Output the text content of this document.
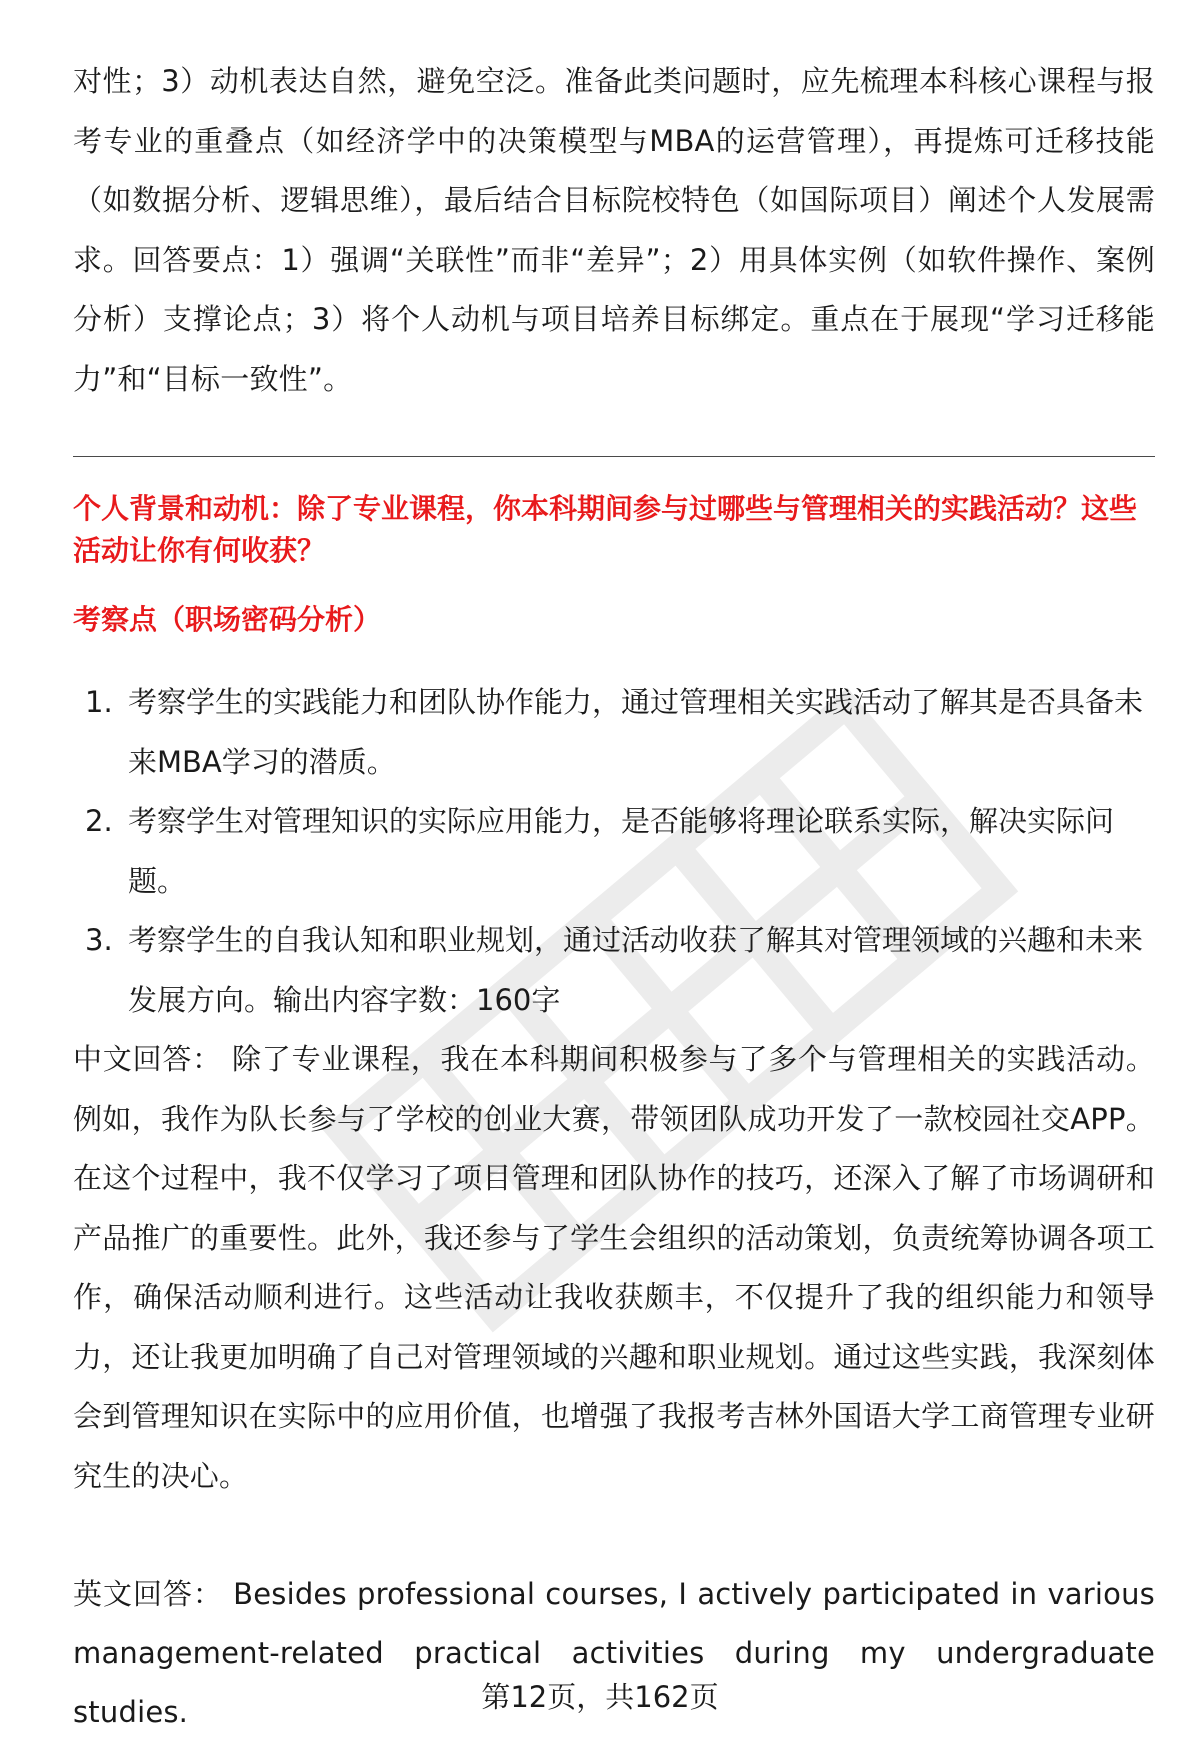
对性；3）动机表达自然，避免空泛。准备此类问题时，应先梳理本科核心课程与报考专业的重叠点（如经济学中的决策模型与MBA的运营管理），再提炼可迁移技能（如数据分析、逻辑思维），最后结合目标院校特色（如国际项目）阐述个人发展需求。回答要点：1）强调“关联性”而非“差异”；2）用具体实例（如软件操作、案例分析）支撑论点；3）将个人动机与项目培养目标绑定。重点在于展现“学习迁移能力”和“目标一致性”。

个人背景和动机：除了专业课程，你本科期间参与过哪些与管理相关的实践活动？这些活动让你有何收获？

考察点（职场密码分析）

1. 考察学生的实践能力和团队协作能力，通过管理相关实践活动了解其是否具备未来MBA学习的潜质。
2. 考察学生对管理知识的实际应用能力，是否能够将理论联系实际，解决实际问题。
3. 考察学生的自我认知和职业规划，通过活动收获了解其对管理领域的兴趣和未来发展方向。输出内容字数：160字

中文回答： 除了专业课程，我在本科期间积极参与了多个与管理相关的实践活动。例如，我作为队长参与了学校的创业大赛，带领团队成功开发了一款校园社交APP。在这个过程中，我不仅学习了项目管理和团队协作的技巧，还深入了解了市场调研和产品推广的重要性。此外，我还参与了学生会组织的活动策划，负责统筹协调各项工作，确保活动顺利进行。这些活动让我收获颇丰，不仅提升了我的组织能力和领导力，还让我更加明确了自己对管理领域的兴趣和职业规划。通过这些实践，我深刻体会到管理知识在实际中的应用价值，也增强了我报考吉林外国语大学工商管理专业研究生的决心。

英文回答： Besides professional courses, I actively participated in various management-related practical activities during my undergraduate studies.	第12页，共162页
